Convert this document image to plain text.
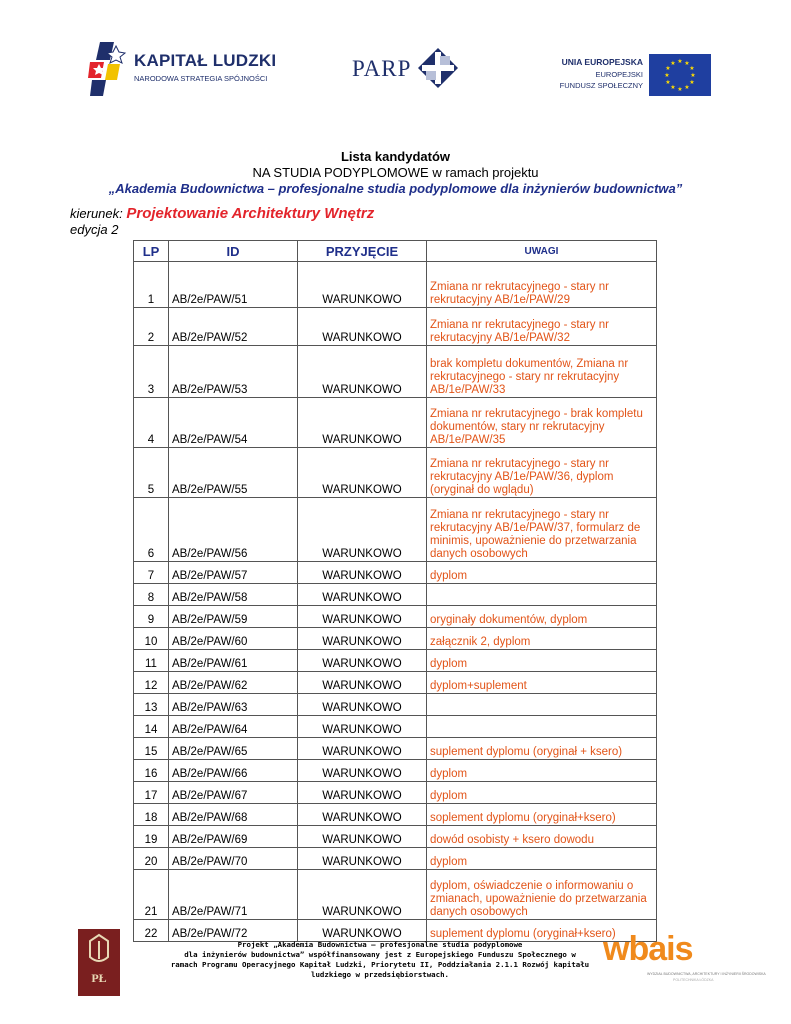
KAPITAŁ LUDZKI
NARODOWA STRATEGIA SPÓJNOŚCI	PARP	UNIA EUROPEJSKA
EUROPEJSKI
FUNDUSZ SPOŁECZNY
★ ★
★
★
★
★
★
★
★
★
★
★
Lista kandydatów
NA STUDIA PODYPLOMOWE w ramach projektu
„Akademia Budownictwa – profesjonalne studia podyplomowe dla inżynierów budownictwa”
kierunek: Projektowanie Architektury Wnętrz
edycja 2
LP	ID	PRZYJĘCIE	UWAGI
1	AB/2e/PAW/51	WARUNKOWO	Zmiana nr rekrutacyjnego - stary nr rekrutacyjny AB/1e/PAW/29
2	AB/2e/PAW/52	WARUNKOWO	Zmiana nr rekrutacyjnego - stary nr rekrutacyjny AB/1e/PAW/32
3	AB/2e/PAW/53	WARUNKOWO	brak kompletu dokumentów, Zmiana nr rekrutacyjnego - stary nr rekrutacyjny AB/1e/PAW/33
4	AB/2e/PAW/54	WARUNKOWO	Zmiana nr rekrutacyjnego - brak kompletu dokumentów, stary nr rekrutacyjny AB/1e/PAW/35
5	AB/2e/PAW/55	WARUNKOWO	Zmiana nr rekrutacyjnego - stary nr rekrutacyjny AB/1e/PAW/36, dyplom (oryginał do wglądu)
6	AB/2e/PAW/56	WARUNKOWO	Zmiana nr rekrutacyjnego - stary nr rekrutacyjny AB/1e/PAW/37, formularz de minimis, upoważnienie do przetwarzania danych osobowych
7	AB/2e/PAW/57	WARUNKOWO	dyplom
8	AB/2e/PAW/58	WARUNKOWO	
9	AB/2e/PAW/59	WARUNKOWO	oryginały dokumentów, dyplom
10	AB/2e/PAW/60	WARUNKOWO	załącznik 2, dyplom
11	AB/2e/PAW/61	WARUNKOWO	dyplom
12	AB/2e/PAW/62	WARUNKOWO	dyplom+suplement
13	AB/2e/PAW/63	WARUNKOWO	
14	AB/2e/PAW/64	WARUNKOWO	
15	AB/2e/PAW/65	WARUNKOWO	suplement dyplomu (oryginał + ksero)
16	AB/2e/PAW/66	WARUNKOWO	dyplom
17	AB/2e/PAW/67	WARUNKOWO	dyplom
18	AB/2e/PAW/68	WARUNKOWO	soplement dyplomu (oryginał+ksero)
19	AB/2e/PAW/69	WARUNKOWO	dowód osobisty + ksero dowodu
20	AB/2e/PAW/70	WARUNKOWO	dyplom
21	AB/2e/PAW/71	WARUNKOWO	dyplom, oświadczenie o informowaniu o zmianach, upoważnienie do przetwarzania danych osobowych
22	AB/2e/PAW/72	WARUNKOWO	suplement dyplomu (oryginał+ksero)
PŁ
Projekt „Akademia Budownictwa – profesjonalne studia podyplomowe
dla inżynierów budownictwa” współfinansowany jest z Europejskiego Funduszu Społecznego w
ramach Programu Operacyjnego Kapitał Ludzki, Priorytetu II, Poddziałania 2.1.1 Rozwój kapitału
ludzkiego w przedsiębiorstwach.
wbais
WYDZIAŁ BUDOWNICTWA, ARCHITEKTURY I INŻYNIERII ŚRODOWISKA
POLITECHNIKA ŁÓDZKA
